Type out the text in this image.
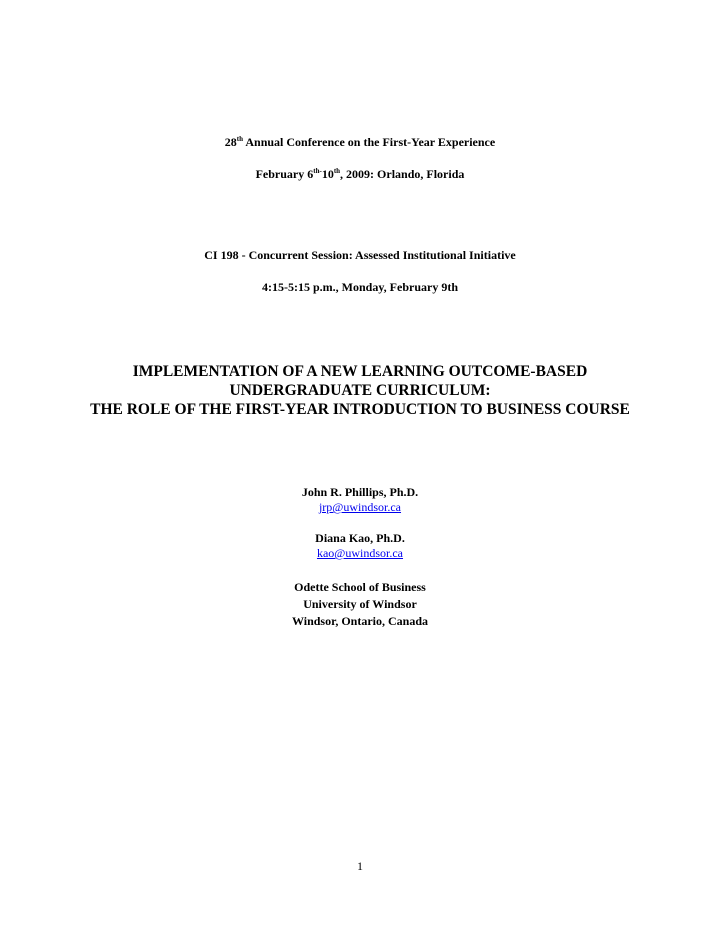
28th Annual Conference on the First-Year Experience
February $6^{th-}10th$, 2009: Orlando, Florida
CI 198 - Concurrent Session: Assessed Institutional Initiative
4:15-5:15 p.m., Monday, February 9th
IMPLEMENTATION OF A NEW LEARNING OUTCOME-BASED
UNDERGRADUATE CURRICULUM:
THE ROLE OF THE FIRST-YEAR INTRODUCTION TO BUSINESS COURSE
John R. Phillips, Ph.D.
jrp@uwindsor.ca
Diana Kao, Ph.D.
kao@uwindsor.ca
Odette School of Business
University of Windsor
Windsor, Ontario, Canada
1
